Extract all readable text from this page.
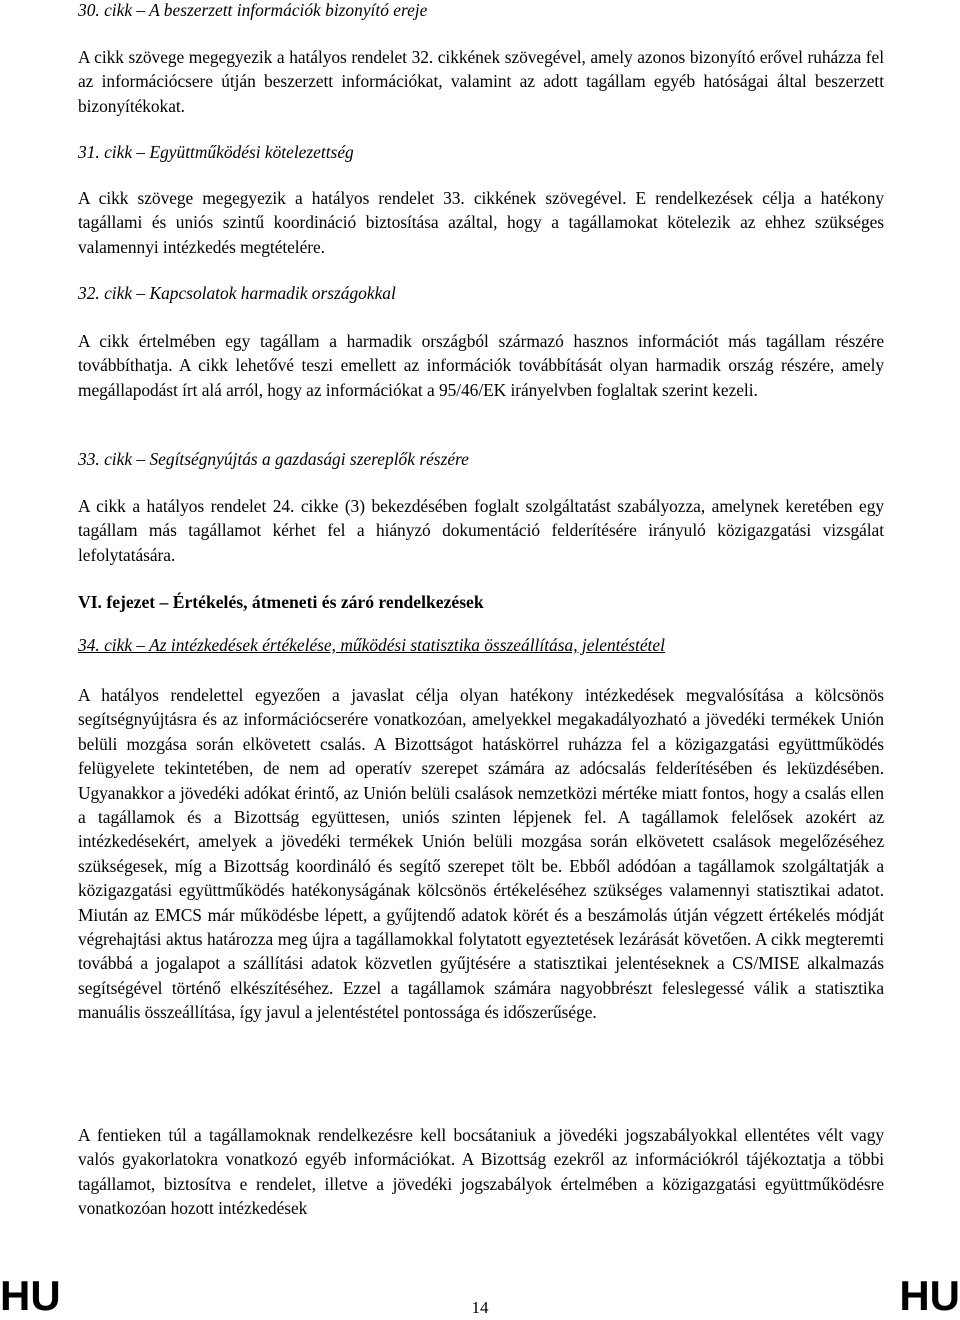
30. cikk – A beszerzett információk bizonyító ereje

A cikk szövege megegyezik a hatályos rendelet 32. cikkének szövegével, amely azonos bizonyító erővel ruházza fel az információcsere útján beszerzett információkat, valamint az adott tagállam egyéb hatóságai által beszerzett bizonyítékokat.

31. cikk – Együttműködési kötelezettség

A cikk szövege megegyezik a hatályos rendelet 33. cikkének szövegével. E rendelkezések célja a hatékony tagállami és uniós szintű koordináció biztosítása azáltal, hogy a tagállamokat kötelezik az ehhez szükséges valamennyi intézkedés megtételére.

32. cikk – Kapcsolatok harmadik országokkal

A cikk értelmében egy tagállam a harmadik országból származó hasznos információt más tagállam részére továbbíthatja. A cikk lehetővé teszi emellett az információk továbbítását olyan harmadik ország részére, amely megállapodást írt alá arról, hogy az információkat a 95/46/EK irányelvben foglaltak szerint kezeli.

33. cikk – Segítségnyújtás a gazdasági szereplők részére

A cikk a hatályos rendelet 24. cikke (3) bekezdésében foglalt szolgáltatást szabályozza, amelynek keretében egy tagállam más tagállamot kérhet fel a hiányzó dokumentáció felderítésére irányuló közigazgatási vizsgálat lefolytatására.

VI. fejezet – Értékelés, átmeneti és záró rendelkezések
34. cikk – Az intézkedések értékelése, működési statisztika összeállítása, jelentéstétel

A hatályos rendelettel egyezően a javaslat célja olyan hatékony intézkedések megvalósítása a kölcsönös segítségnyújtásra és az információcserére vonatkozóan, amelyekkel megakadályozható a jövedéki termékek Unión belüli mozgása során elkövetett csalás. A Bizottságot hatáskörrel ruházza fel a közigazgatási együttműködés felügyelete tekintetében, de nem ad operatív szerepet számára az adócsalás felderítésében és leküzdésében. Ugyanakkor a jövedéki adókat érintő, az Unión belüli csalások nemzetközi mértéke miatt fontos, hogy a csalás ellen a tagállamok és a Bizottság együttesen, uniós szinten lépjenek fel. A tagállamok felelősek azokért az intézkedésekért, amelyek a jövedéki termékek Unión belüli mozgása során elkövetett csalások megelőzéséhez szükségesek, míg a Bizottság koordináló és segítő szerepet tölt be. Ebből adódóan a tagállamok szolgáltatják a közigazgatási együttműködés hatékonyságának kölcsönös értékeléséhez szükséges valamennyi statisztikai adatot. Miután az EMCS már működésbe lépett, a gyűjtendő adatok körét és a beszámolás útján végzett értékelés módját végrehajtási aktus határozza meg újra a tagállamokkal folytatott egyeztetések lezárását követően. A cikk megteremti továbbá a jogalapot a szállítási adatok közvetlen gyűjtésére a statisztikai jelentéseknek a CS/MISE alkalmazás segítségével történő elkészítéséhez. Ezzel a tagállamok számára nagyobbrészt feleslegessé válik a statisztika manuális összeállítása, így javul a jelentéstétel pontossága és időszerűsége.

A fentieken túl a tagállamoknak rendelkezésre kell bocsátaniuk a jövedéki jogszabályokkal ellentétes vélt vagy valós gyakorlatokra vonatkozó egyéb információkat. A Bizottság ezekről az információkról tájékoztatja a többi tagállamot, biztosítva e rendelet, illetve a jövedéki jogszabályok értelmében a közigazgatási együttműködésre vonatkozóan hozott intézkedések

HU	14	HU
